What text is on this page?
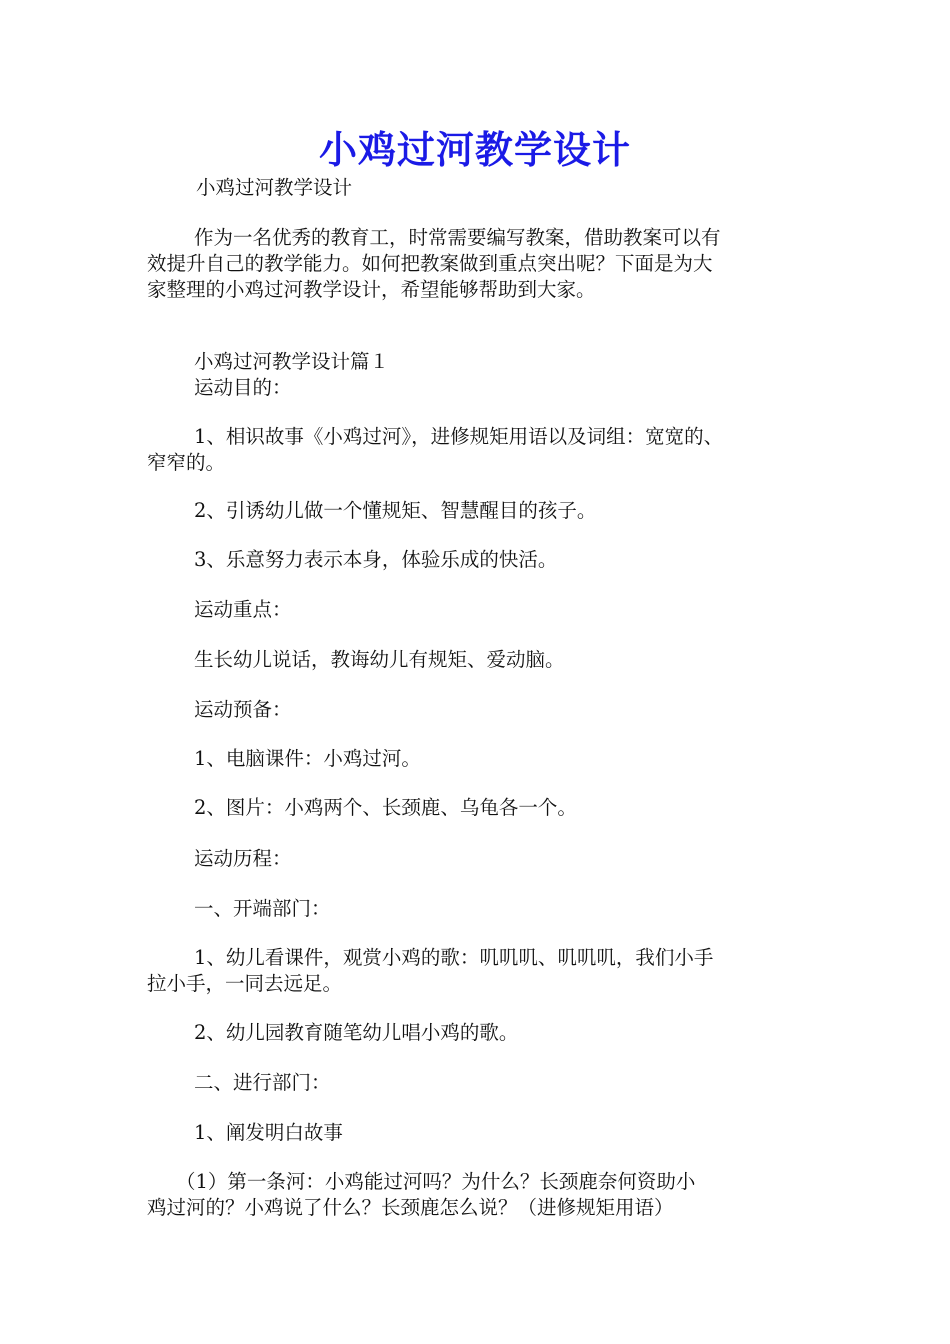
小鸡过河教学设计

小鸡过河教学设计

作为一名优秀的教育工，时常需要编写教案，借助教案可以有

效提升自己的教学能力。如何把教案做到重点突出呢？下面是为大

家整理的小鸡过河教学设计，希望能够帮助到大家。

小鸡过河教学设计篇１

运动目的：

1、相识故事《小鸡过河》，进修规矩用语以及词组：宽宽的、

窄窄的。

2、引诱幼儿做一个懂规矩、智慧醒目的孩子。

3、乐意努力表示本身，体验乐成的快活。

运动重点：

生长幼儿说话，教诲幼儿有规矩、爱动脑。

运动预备：

1、电脑课件：小鸡过河。

2、图片：小鸡两个、长颈鹿、乌龟各一个。

运动历程：

一、开端部门：

1、幼儿看课件，观赏小鸡的歌：叽叽叽、叽叽叽，我们小手

拉小手，一同去远足。

2、幼儿园教育随笔幼儿唱小鸡的歌。

二、进行部门：

1、阐发明白故事

（1）第一条河：小鸡能过河吗？为什么？长颈鹿奈何资助小

鸡过河的？小鸡说了什么？长颈鹿怎么说？（进修规矩用语）
